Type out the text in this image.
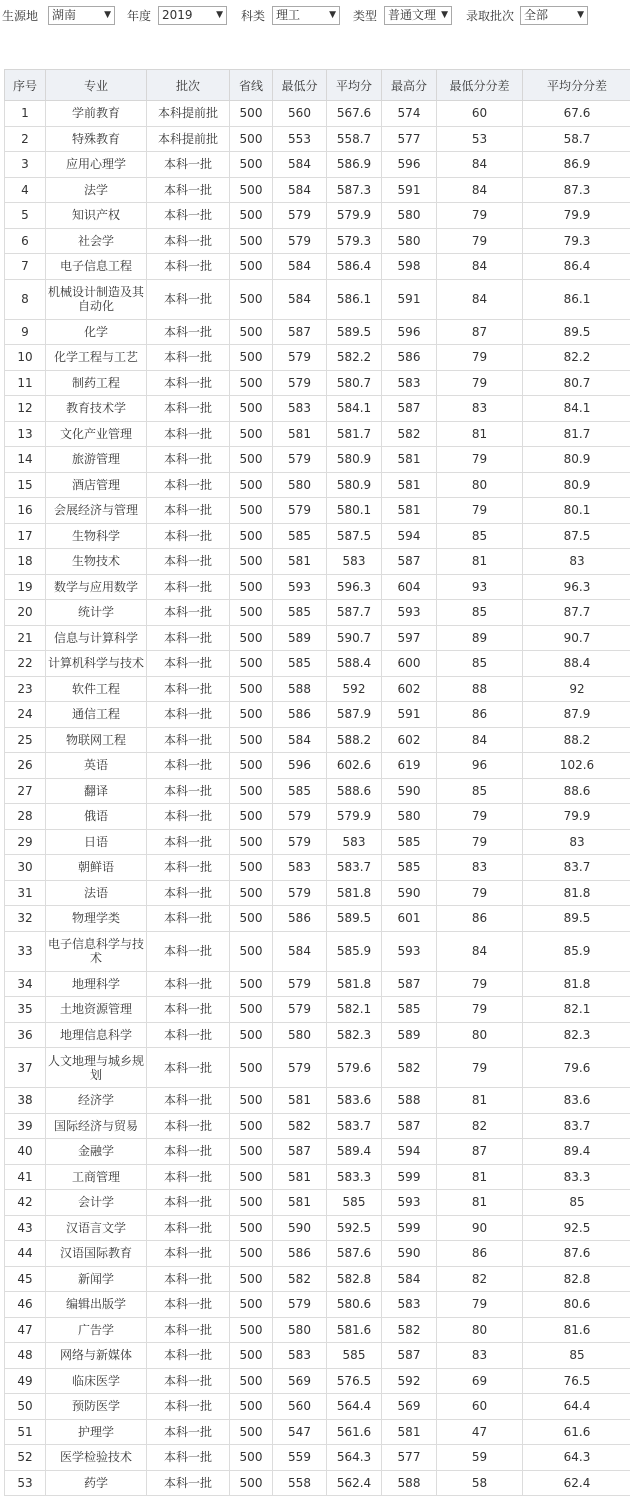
生源地	湖南	▼ 年度 2019	▼ 科类 理工	▼ 类型 普通文理 ▼ 录取批次 全部	▼
序号	专业	批次	省线	最低分	平均分	最高分	最低分分差	平均分分差
1	学前教育	本科提前批	500	560	567.6	574	60	67.6
2	特殊教育	本科提前批	500	553	558.7	577	53	58.7
3	应用心理学	本科一批	500	584	586.9	596	84	86.9
4	法学	本科一批	500	584	587.3	591	84	87.3
5	知识产权	本科一批	500	579	579.9	580	79	79.9
6	社会学	本科一批	500	579	579.3	580	79	79.3
7	电子信息工程	本科一批	500	584	586.4	598	84	86.4
8	机械设计制造及其自动化	本科一批	500	584	586.1	591	84	86.1
9	化学	本科一批	500	587	589.5	596	87	89.5
10	化学工程与工艺	本科一批	500	579	582.2	586	79	82.2
11	制药工程	本科一批	500	579	580.7	583	79	80.7
12	教育技术学	本科一批	500	583	584.1	587	83	84.1
13	文化产业管理	本科一批	500	581	581.7	582	81	81.7
14	旅游管理	本科一批	500	579	580.9	581	79	80.9
15	酒店管理	本科一批	500	580	580.9	581	80	80.9
16	会展经济与管理	本科一批	500	579	580.1	581	79	80.1
17	生物科学	本科一批	500	585	587.5	594	85	87.5
18	生物技术	本科一批	500	581	583	587	81	83
19	数学与应用数学	本科一批	500	593	596.3	604	93	96.3
20	统计学	本科一批	500	585	587.7	593	85	87.7
21	信息与计算科学	本科一批	500	589	590.7	597	89	90.7
22	计算机科学与技术	本科一批	500	585	588.4	600	85	88.4
23	软件工程	本科一批	500	588	592	602	88	92
24	通信工程	本科一批	500	586	587.9	591	86	87.9
25	物联网工程	本科一批	500	584	588.2	602	84	88.2
26	英语	本科一批	500	596	602.6	619	96	102.6
27	翻译	本科一批	500	585	588.6	590	85	88.6
28	俄语	本科一批	500	579	579.9	580	79	79.9
29	日语	本科一批	500	579	583	585	79	83
30	朝鲜语	本科一批	500	583	583.7	585	83	83.7
31	法语	本科一批	500	579	581.8	590	79	81.8
32	物理学类	本科一批	500	586	589.5	601	86	89.5
33	电子信息科学与技术	本科一批	500	584	585.9	593	84	85.9
34	地理科学	本科一批	500	579	581.8	587	79	81.8
35	土地资源管理	本科一批	500	579	582.1	585	79	82.1
36	地理信息科学	本科一批	500	580	582.3	589	80	82.3
37	人文地理与城乡规划	本科一批	500	579	579.6	582	79	79.6
38	经济学	本科一批	500	581	583.6	588	81	83.6
39	国际经济与贸易	本科一批	500	582	583.7	587	82	83.7
40	金融学	本科一批	500	587	589.4	594	87	89.4
41	工商管理	本科一批	500	581	583.3	599	81	83.3
42	会计学	本科一批	500	581	585	593	81	85
43	汉语言文学	本科一批	500	590	592.5	599	90	92.5
44	汉语国际教育	本科一批	500	586	587.6	590	86	87.6
45	新闻学	本科一批	500	582	582.8	584	82	82.8
46	编辑出版学	本科一批	500	579	580.6	583	79	80.6
47	广告学	本科一批	500	580	581.6	582	80	81.6
48	网络与新媒体	本科一批	500	583	585	587	83	85
49	临床医学	本科一批	500	569	576.5	592	69	76.5
50	预防医学	本科一批	500	560	564.4	569	60	64.4
51	护理学	本科一批	500	547	561.6	581	47	61.6
52	医学检验技术	本科一批	500	559	564.3	577	59	64.3
53	药学	本科一批	500	558	562.4	588	58	62.4
